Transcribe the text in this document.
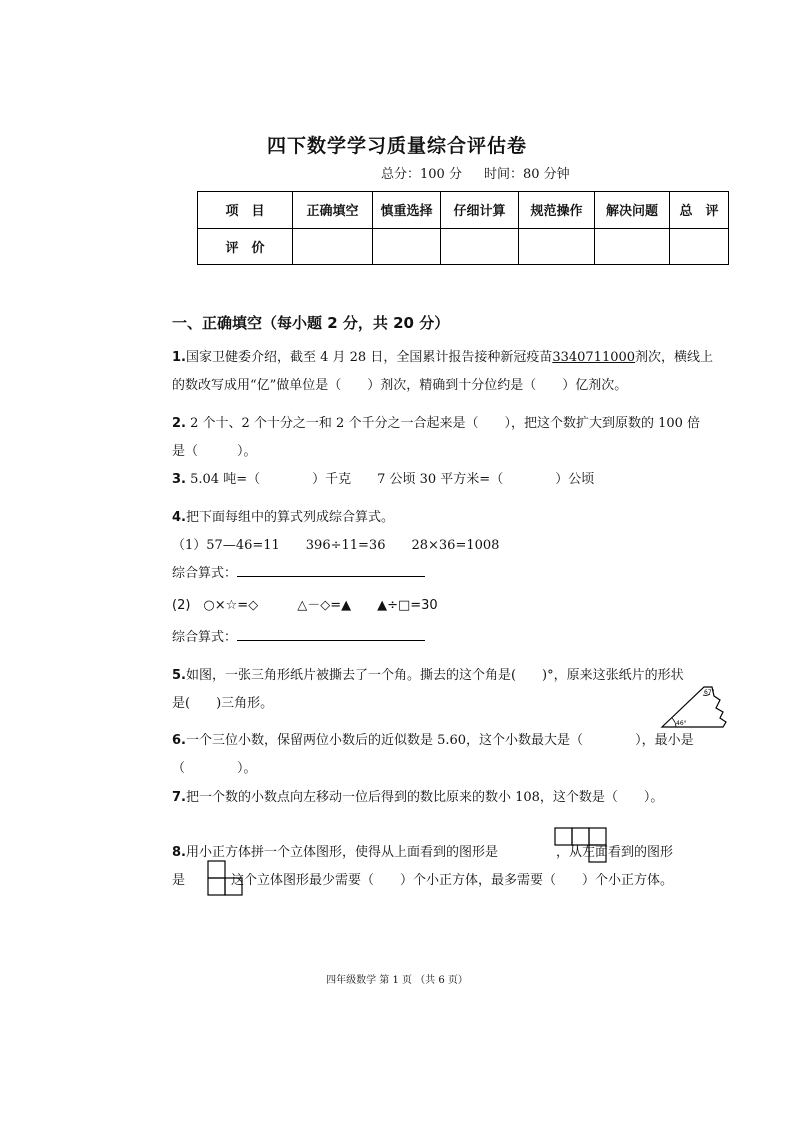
四下数学学习质量综合评估卷
总分：100 分 时间：80 分钟
项　目	正确填空	慎重选择	仔细计算	规范操作	解决问题	总　评
评　价						
一、正确填空（每小题 2 分，共 20 分）
1.国家卫健委介绍，截至 4 月 28 日，全国累计报告接种新冠疫苗3340711000剂次，横线上
的数改写成用“亿”做单位是（　　）剂次，精确到十分位约是（　　）亿剂次。
2. 2 个十、2 个十分之一和 2 个千分之一合起来是（　　），把这个数扩大到原数的 100 倍
是（　　　）。
3. 5.04 吨=（　　　　）千克　　7 公顷 30 平方米=（　　　　）公顷
4.把下面每组中的算式列成综合算式。
（1）57—46=11　　396÷11=36　　28×36=1008
综合算式：
(2)　○×☆=◇　　　△－◇=▲　　▲÷□=30
综合算式：
5.如图，一张三角形纸片被撕去了一个角。撕去的这个角是(　　)°，原来这张纸片的形状
是(　　)三角形。
67°
46°
6.一个三位小数，保留两位小数后的近似数是 5.60，这个小数最大是（　　　　），最小是
（　　　　）。
7.把一个数的小数点向左移动一位后得到的数比原来的数小 108，这个数是（　　）。
8.用小正方体拼一个立体图形，使得从上面看到的图形是	，从左面看到的图形
是	这个立体图形最少需要（　　）个小正方体，最多需要（　　）个小正方体。
四年级数学 第 1 页 （共 6 页）
